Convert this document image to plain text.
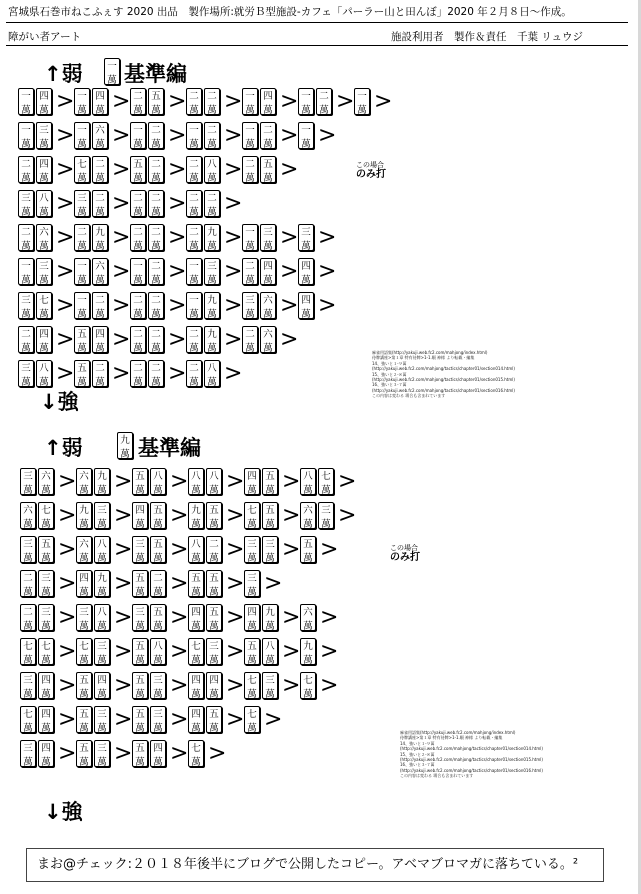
宮城県石巻市ねこふぇす 2020 出品　製作場所:就労Ｂ型施設-カフェ「パーラー山と田んぼ」2020 年２月８日〜作成。
障がい者アート	施設利用者　製作＆責任　千葉 リュウジ
↑弱	一
萬 基準編
一
萬
四
萬 > 一
萬
四
萬 > 二
萬
五
萬 > 二
萬
二
萬 > 一
萬
四
萬 > 一
萬
二
萬 > 一
萬 >
一
萬
三
萬 > 一
萬
六
萬 > 一
萬
二
萬 > 一
萬
二
萬 > 一
萬
二
萬 > 一
萬 >
二
萬
四
萬 > 七
萬
二
萬 > 五
萬
二
萬 > 二
萬
八
萬 > 二
萬
五
萬 >
三
萬
八
萬 > 三
萬
二
萬 > 二
萬
二
萬 > 二
萬
二
萬 >
二
萬
六
萬 > 二
萬
九
萬 > 二
萬
二
萬 > 二
萬
九
萬 > 一
萬
三
萬 > 三
萬 >
一
萬
三
萬 > 一
萬
六
萬 > 一
萬
二
萬 > 一
萬
三
萬 > 二
萬
四
萬 > 四
萬 >
三
萬
七
萬 > 一
萬
二
萬 > 二
萬
二
萬 > 一
萬
九
萬 > 三
萬
六
萬 > 四
萬 >
二
萬
四
萬 > 五
萬
四
萬 > 二
萬
二
萬 > 二
萬
九
萬 > 二
萬
六
萬 >
三
萬
八
萬 > 五
萬
二
萬 > 二
萬
二
萬 > 二
萬
八
萬 >
この場合
のみ打
↓強
麻雀用語集(http://yakuji.web.fc2.com/mahjong/index.html)
待牌講座>第１章 特有待牌>1-1.順 神様 より転載・編集
14、強いと１-９萬
(http://yakuji.web.fc2.com/mahjong/tactics/chapter01/section014.html)
15、強いと２-８萬
(http://yakuji.web.fc2.com/mahjong/tactics/chapter01/section015.html)
16、強いと３-７萬
(http://yakuji.web.fc2.com/mahjong/tactics/chapter01/section016.html)
この内容は変わる 場合も含まれています
↑弱	九
萬 基準編
三
萬
六
萬 > 六
萬
九
萬 > 五
萬
八
萬 > 八
萬
八
萬 > 四
萬
五
萬 > 八
萬
七
萬 >
六
萬
七
萬 > 九
萬
三
萬 > 四
萬
五
萬 > 九
萬
五
萬 > 七
萬
五
萬 > 六
萬
三
萬 >
三
萬
五
萬 > 六
萬
八
萬 > 三
萬
五
萬 > 八
萬
二
萬 > 三
萬
三
萬 > 五
萬 >
二
萬
三
萬 > 四
萬
九
萬 > 五
萬
二
萬 > 五
萬
五
萬 > 三
萬 >
二
萬
三
萬 > 三
萬
八
萬 > 三
萬
五
萬 > 四
萬
五
萬 > 四
萬
九
萬 > 六
萬 >
七
萬
七
萬 > 七
萬
三
萬 > 五
萬
八
萬 > 七
萬
三
萬 > 五
萬
八
萬 > 九
萬 >
三
萬
四
萬 > 五
萬
四
萬 > 五
萬
三
萬 > 四
萬
四
萬 > 七
萬
三
萬 > 七
萬 >
七
萬
四
萬 > 五
萬
三
萬 > 五
萬
三
萬 > 四
萬
五
萬 > 七
萬 >
三
萬
四
萬 > 五
萬
三
萬 > 五
萬
四
萬 > 七
萬 >
この場合
のみ打
↓強
麻雀用語集(http://yakuji.web.fc2.com/mahjong/index.html)
待牌講座>第１章 特有待牌>1-1.順 神様 より転載・編集
14、強いと１-９萬
(http://yakuji.web.fc2.com/mahjong/tactics/chapter01/section014.html)
15、強いと２-８萬
(http://yakuji.web.fc2.com/mahjong/tactics/chapter01/section015.html)
16、強いと３-７萬
(http://yakuji.web.fc2.com/mahjong/tactics/chapter01/section016.html)
この内容は変わる 場合も含まれています
まお@チェック:２０１８年後半にブログで公開したコピー。アベマブロマガに落ちている。²
